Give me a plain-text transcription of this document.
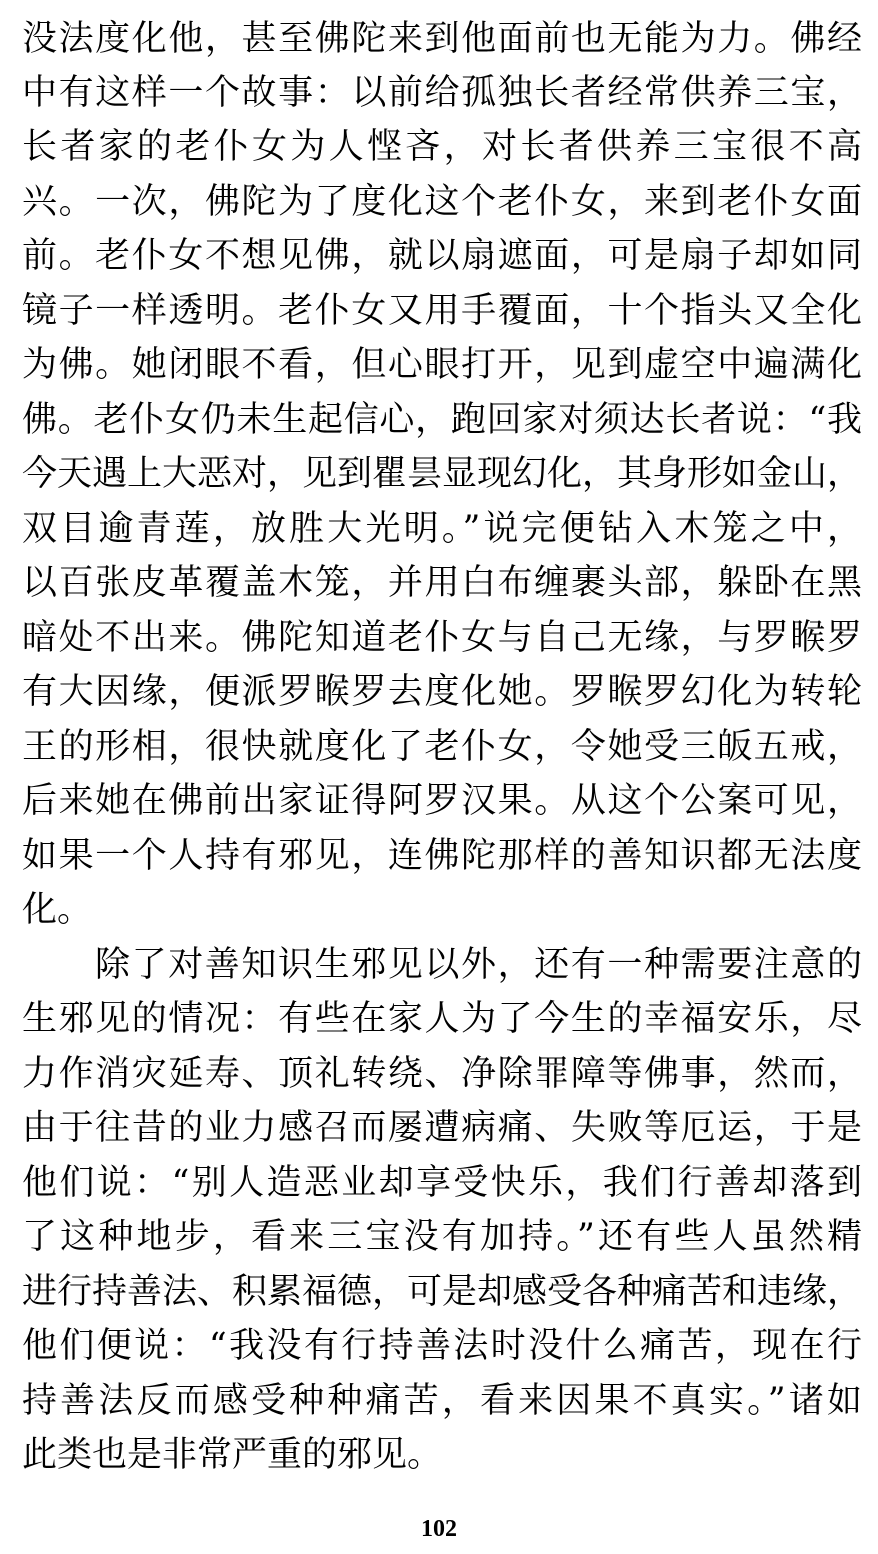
没法度化他，甚至佛陀来到他面前也无能为力。佛经
中有这样一个故事：以前给孤独长者经常供养三宝，
长者家的老仆女为人悭吝，对长者供养三宝很不高
兴。一次，佛陀为了度化这个老仆女，来到老仆女面
前。老仆女不想见佛，就以扇遮面，可是扇子却如同
镜子一样透明。老仆女又用手覆面，十个指头又全化
为佛。她闭眼不看，但心眼打开，见到虚空中遍满化
佛。老仆女仍未生起信心，跑回家对须达长者说：“我
今天遇上大恶对，见到瞿昙显现幻化，其身形如金山，
双目逾青莲，放胜大光明。”说完便钻入木笼之中，
以百张皮革覆盖木笼，并用白布缠裹头部，躲卧在黑
暗处不出来。佛陀知道老仆女与自己无缘，与罗睺罗
有大因缘，便派罗睺罗去度化她。罗睺罗幻化为转轮
王的形相，很快就度化了老仆女，令她受三皈五戒，
后来她在佛前出家证得阿罗汉果。从这个公案可见，
如果一个人持有邪见，连佛陀那样的善知识都无法度
化。
除了对善知识生邪见以外，还有一种需要注意的
生邪见的情况：有些在家人为了今生的幸福安乐，尽
力作消灾延寿、顶礼转绕、净除罪障等佛事，然而，
由于往昔的业力感召而屡遭病痛、失败等厄运，于是
他们说：“别人造恶业却享受快乐，我们行善却落到
了这种地步，看来三宝没有加持。”还有些人虽然精
进行持善法、积累福德，可是却感受各种痛苦和违缘，
他们便说：“我没有行持善法时没什么痛苦，现在行
持善法反而感受种种痛苦，看来因果不真实。”诸如
此类也是非常严重的邪见。
102
